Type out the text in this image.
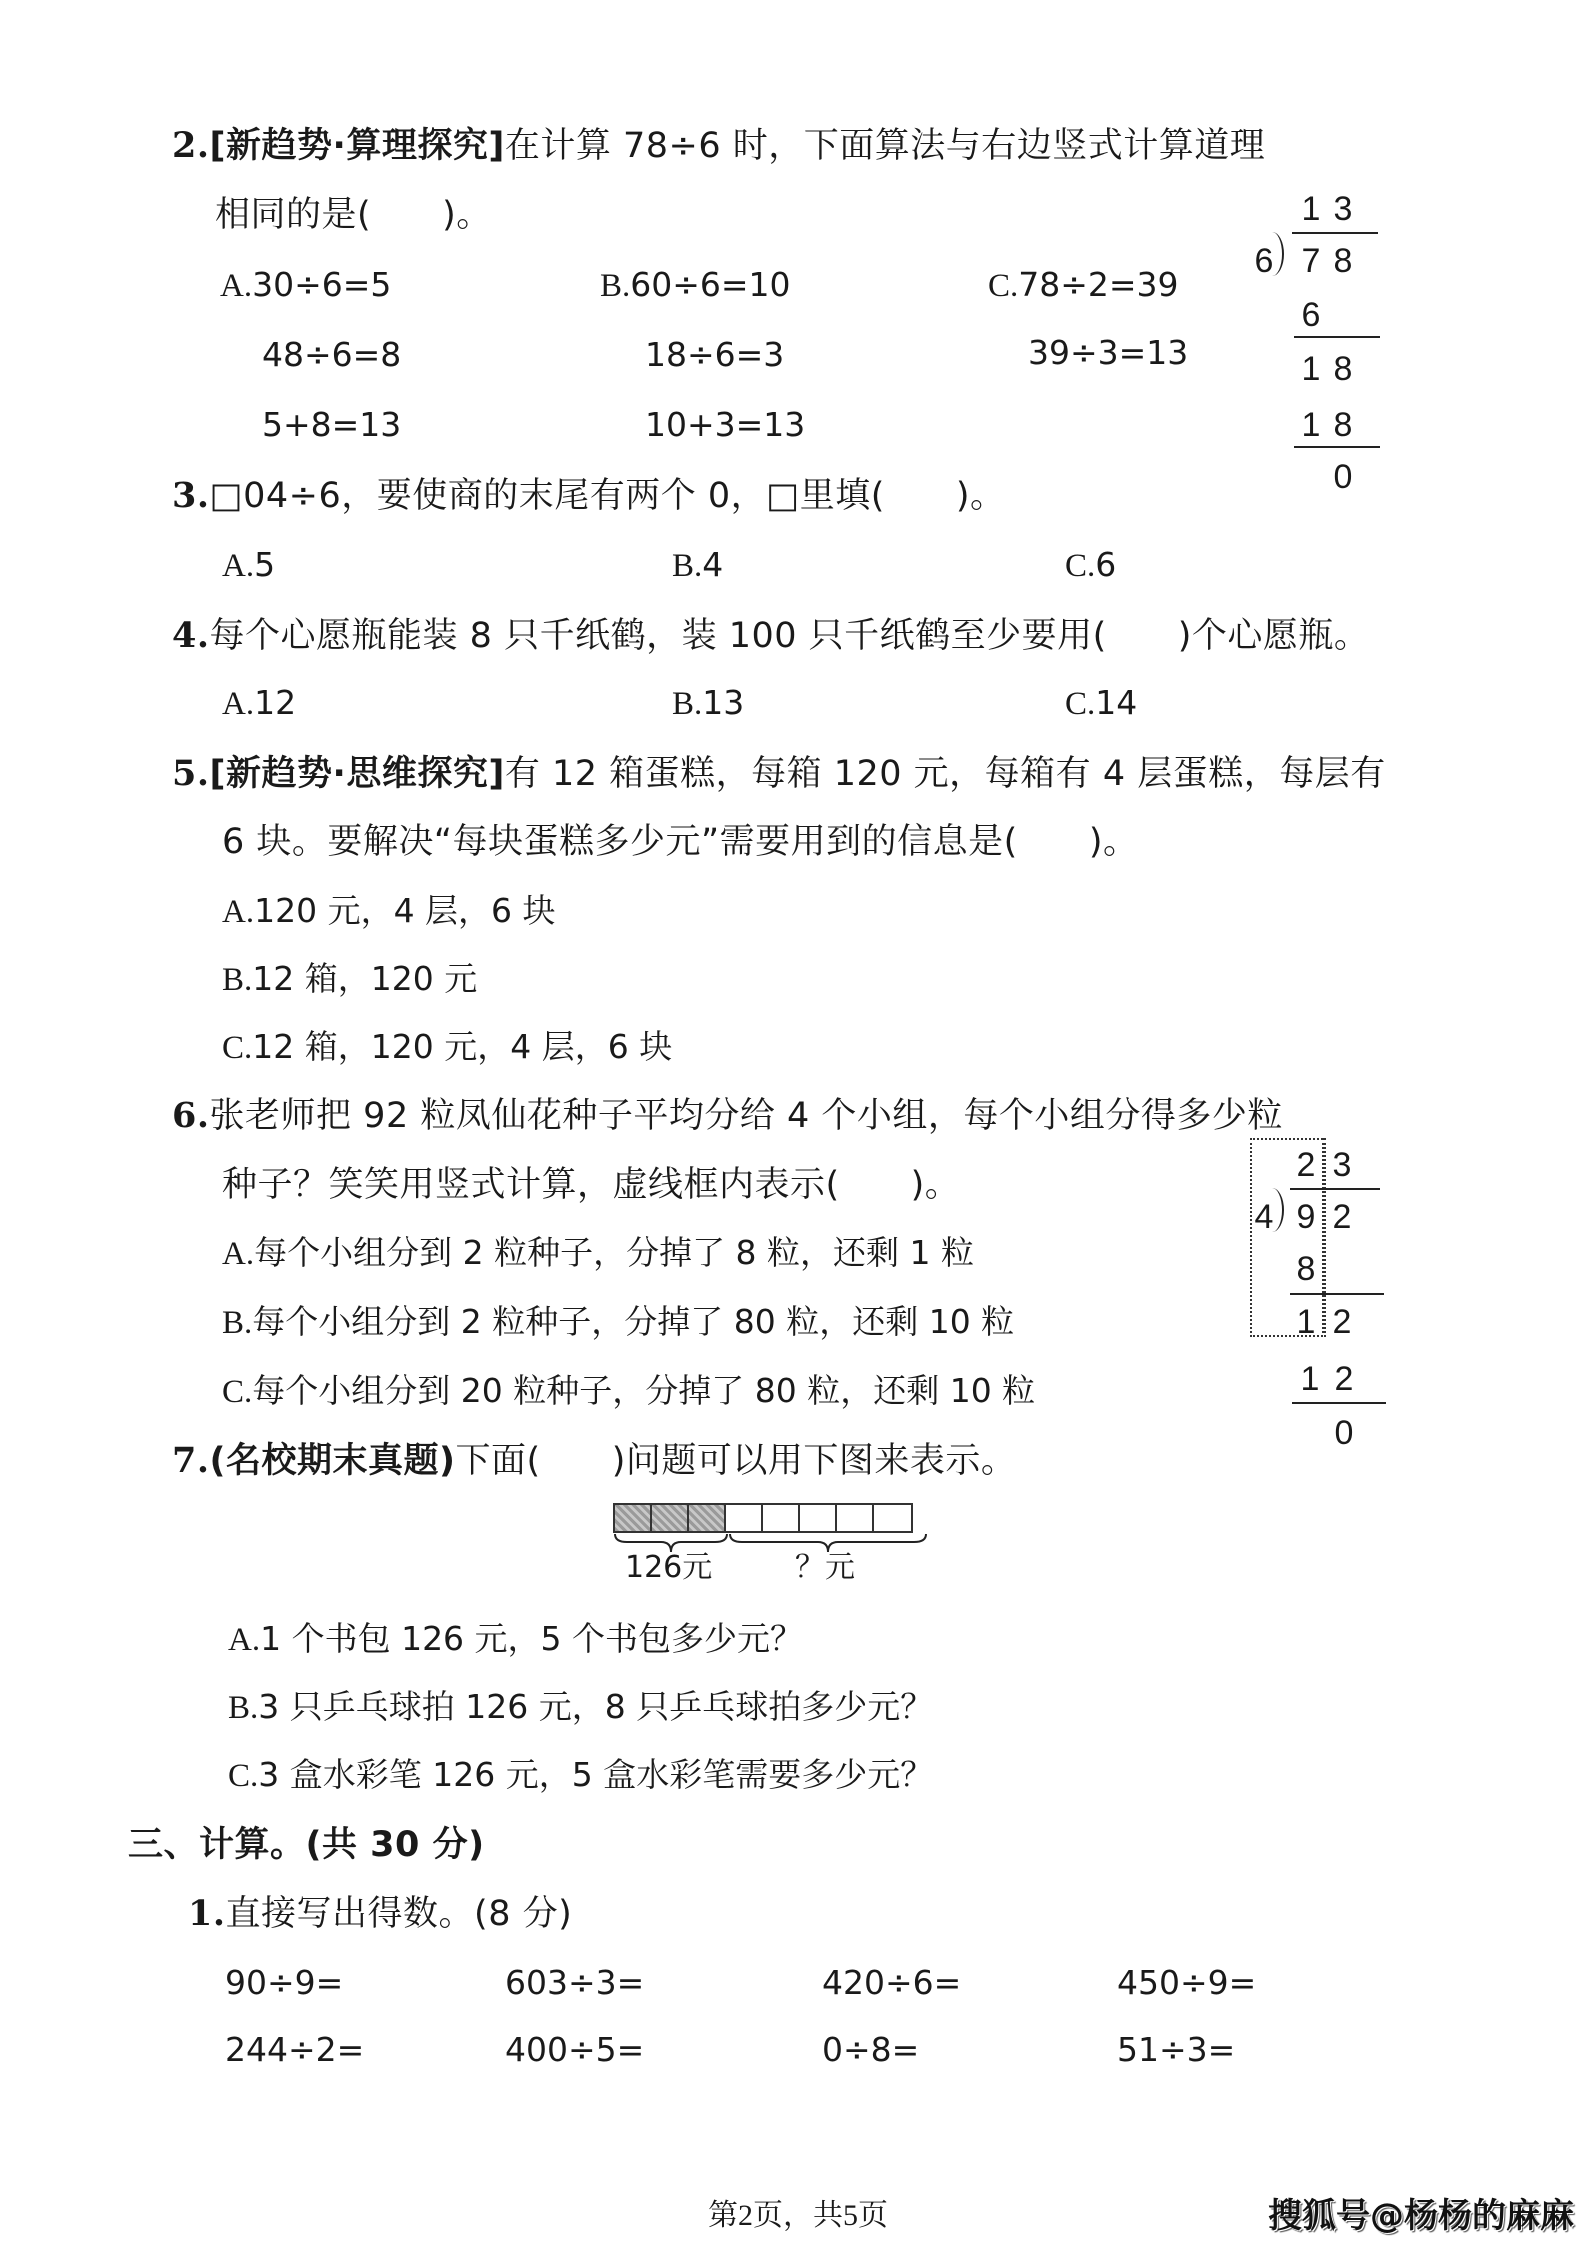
2.[新趋势·算理探究]在计算 78÷6 时，下面算法与右边竖式计算道理
相同的是(　　)。
A.30÷6=5
48÷6=8
5+8=13
B.60÷6=10
18÷6=3
10+3=13
C.78÷2=39
39÷3=13
1 3
6 7 8
6
1 8
1 8
0
3.□04÷6，要使商的末尾有两个 0，□里填(　　)。
A.5	B.4	C.6
4.每个心愿瓶能装 8 只千纸鹤，装 100 只千纸鹤至少要用(　　)个心愿瓶。
A.12	B.13	C.14
5.[新趋势·思维探究]有 12 箱蛋糕，每箱 120 元，每箱有 4 层蛋糕，每层有
6 块。要解决“每块蛋糕多少元”需要用到的信息是(　　)。
A.120 元，4 层，6 块
B.12 箱，120 元
C.12 箱，120 元，4 层，6 块
6.张老师把 92 粒凤仙花种子平均分给 4 个小组，每个小组分得多少粒
种子？笑笑用竖式计算，虚线框内表示(　　)。
A.每个小组分到 2 粒种子，分掉了 8 粒，还剩 1 粒
B.每个小组分到 2 粒种子，分掉了 80 粒，还剩 10 粒
C.每个小组分到 20 粒种子，分掉了 80 粒，还剩 10 粒
2 3
4 9 2
8
1 2
1 2
0
7.(名校期末真题)下面(　　)问题可以用下图来表示。
126元	？元
A.1 个书包 126 元，5 个书包多少元？
B.3 只乒乓球拍 126 元，8 只乒乓球拍多少元？
C.3 盒水彩笔 126 元，5 盒水彩笔需要多少元？
三、计算。(共 30 分)
1.直接写出得数。(8 分)
90÷9=	603÷3=	420÷6=	450÷9=
244÷2=	400÷5=	0÷8=	51÷3=
第2页，共5页	搜狐号@杨杨的麻麻
